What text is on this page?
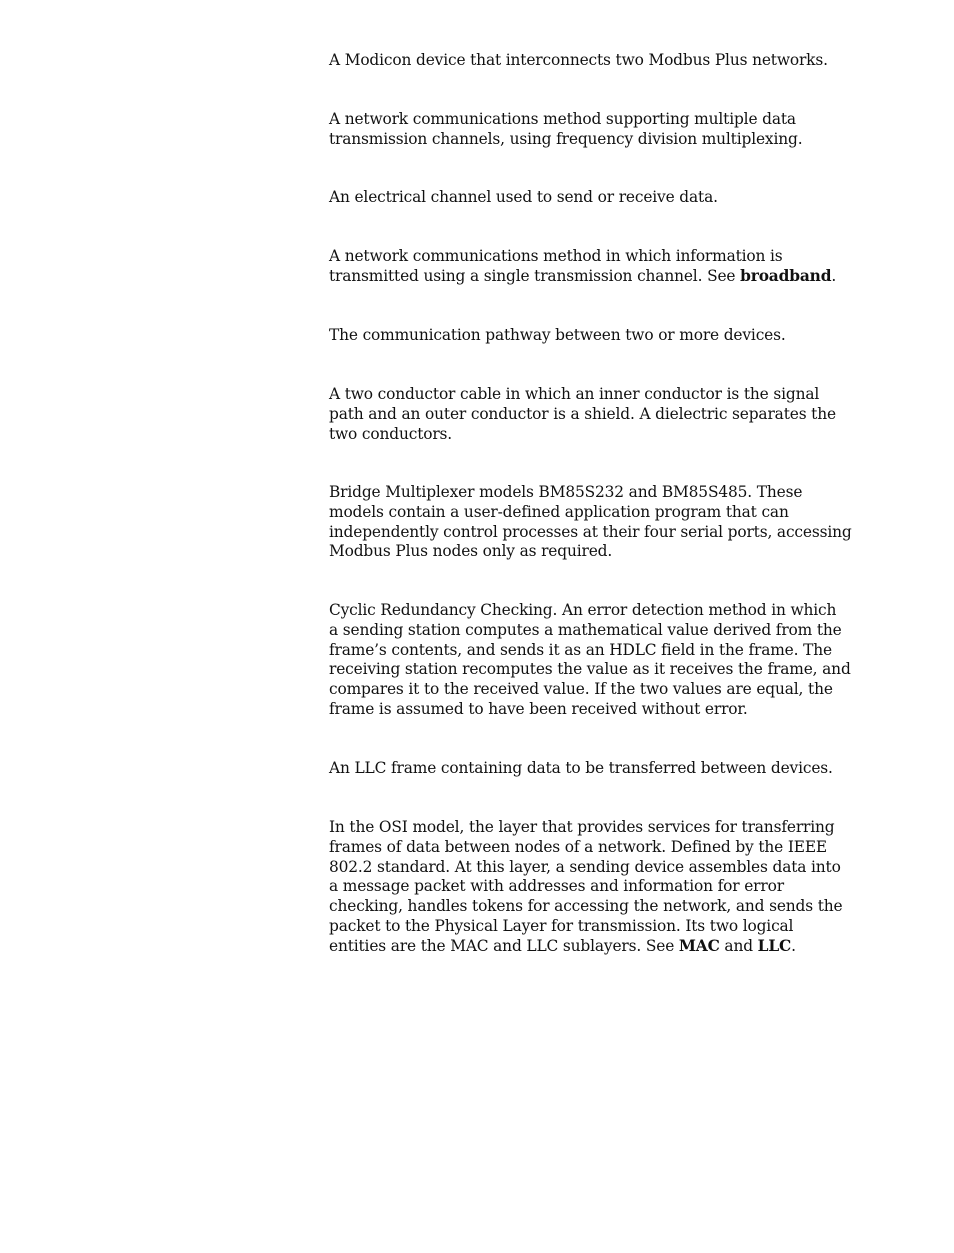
A Modicon device that interconnects two Modbus Plus networks.

A network communications method supporting multiple data
transmission channels, using frequency division multiplexing.

An electrical channel used to send or receive data.

A network communications method in which information is
transmitted using a single transmission channel. See broadband.

The communication pathway between two or more devices.

A two conductor cable in which an inner conductor is the signal
path and an outer conductor is a shield. A dielectric separates the
two conductors.

Bridge Multiplexer models BM85S232 and BM85S485. These
models contain a user-defined application program that can
independently control processes at their four serial ports, accessing
Modbus Plus nodes only as required.

Cyclic Redundancy Checking. An error detection method in which
a sending station computes a mathematical value derived from the
frame’s contents, and sends it as an HDLC field in the frame. The
receiving station recomputes the value as it receives the frame, and
compares it to the received value. If the two values are equal, the
frame is assumed to have been received without error.

An LLC frame containing data to be transferred between devices.

In the OSI model, the layer that provides services for transferring
frames of data between nodes of a network. Defined by the IEEE
802.2 standard. At this layer, a sending device assembles data into
a message packet with addresses and information for error
checking, handles tokens for accessing the network, and sends the
packet to the Physical Layer for transmission. Its two logical
entities are the MAC and LLC sublayers. See MAC and LLC.
